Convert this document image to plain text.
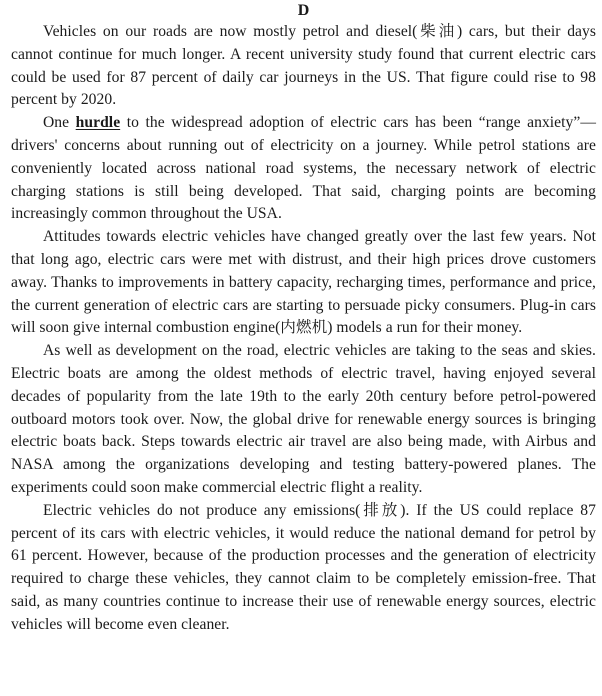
D

Vehicles on our roads are now mostly petrol and diesel(柴油) cars, but their days cannot continue for much longer. A recent university study found that current electric cars could be used for 87 percent of daily car journeys in the US. That figure could rise to 98 percent by 2020.

One hurdle to the widespread adoption of electric cars has been “range anxiety”—drivers' concerns about running out of electricity on a journey. While petrol stations are conveniently located across national road systems, the necessary network of electric charging stations is still being developed. That said, charging points are becoming increasingly common throughout the USA.

Attitudes towards electric vehicles have changed greatly over the last few years. Not that long ago, electric cars were met with distrust, and their high prices drove customers away. Thanks to improvements in battery capacity, recharging times, performance and price, the current generation of electric cars are starting to persuade picky consumers. Plug-in cars will soon give internal combustion engine(内燃机) models a run for their money.

As well as development on the road, electric vehicles are taking to the seas and skies. Electric boats are among the oldest methods of electric travel, having enjoyed several decades of popularity from the late 19th to the early 20th century before petrol-powered outboard motors took over. Now, the global drive for renewable energy sources is bringing electric boats back. Steps towards electric air travel are also being made, with Airbus and NASA among the organizations developing and testing battery-powered planes. The experiments could soon make commercial electric flight a reality.

Electric vehicles do not produce any emissions(排放). If the US could replace 87 percent of its cars with electric vehicles, it would reduce the national demand for petrol by 61 percent. However, because of the production processes and the generation of electricity required to charge these vehicles, they cannot claim to be completely emission-free. That said, as many countries continue to increase their use of renewable energy sources, electric vehicles will become even cleaner.
